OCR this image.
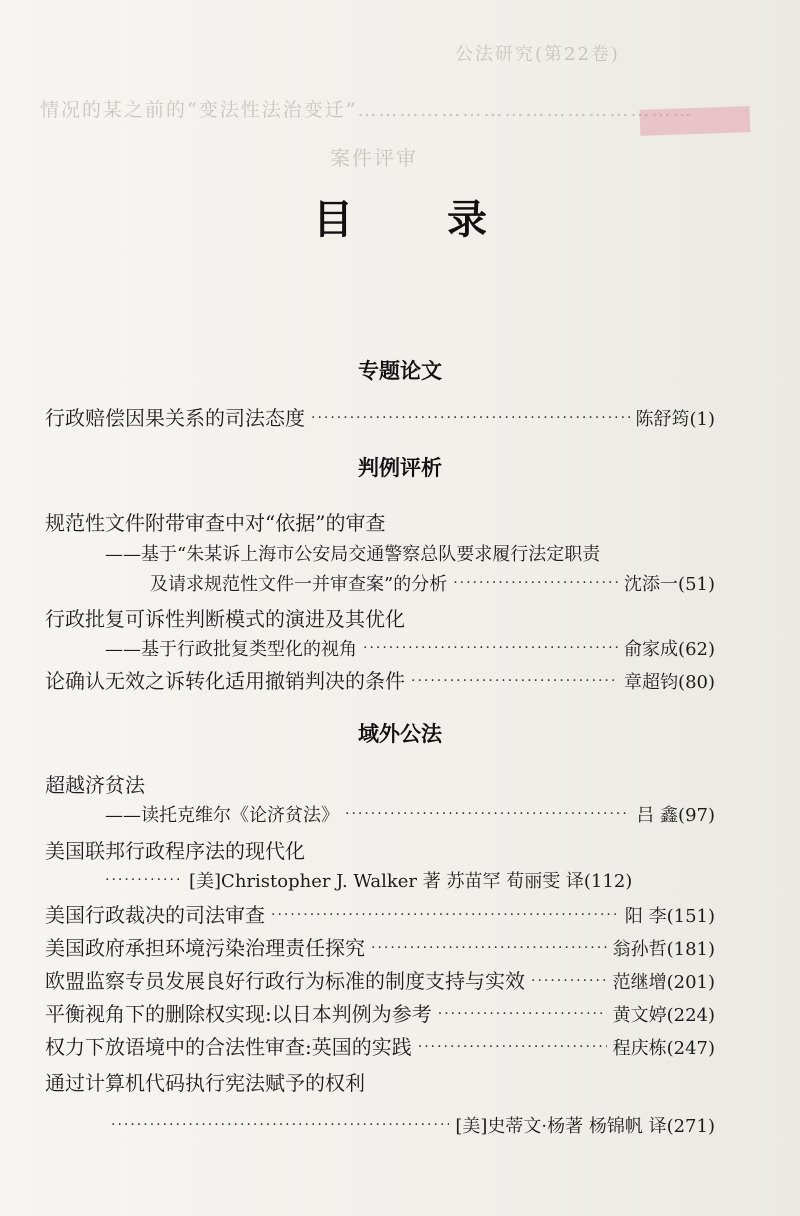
公法研究(第22卷)
情况的某之前的“变法性法治变迁”…………………………………………
案件评审
目 录
专题论文
行政赔偿因果关系的司法态度 ·····	陈舒筠(1)
判例评析
规范性文件附带审查中对“依据”的审查
——基于“朱某诉上海市公安局交通警察总队要求履行法定职责
及请求规范性文件一并审查案”的分析 ·····	沈添一(51)
行政批复可诉性判断模式的演进及其优化
——基于行政批复类型化的视角 ·····	俞家成(62)
论确认无效之诉转化适用撤销判决的条件 ·····	章超钧(80)
域外公法
超越济贫法
——读托克维尔《论济贫法》 ·····	吕 鑫(97)
美国联邦行政程序法的现代化
·····
[美]Christopher J. Walker 著 苏苗罕 荀丽雯 译(112)
美国行政裁决的司法审查 ·····	阳 李(151)
美国政府承担环境污染治理责任探究 ·····	翁孙哲(181)
欧盟监察专员发展良好行政行为标准的制度支持与实效 ·····	范继增(201)
平衡视角下的删除权实现:以日本判例为参考 ·····	黄文婷(224)
权力下放语境中的合法性审查:英国的实践 ·····	程庆栋(247)
通过计算机代码执行宪法赋予的权利
·····
[美]史蒂文·杨著 杨锦帆 译(271)
